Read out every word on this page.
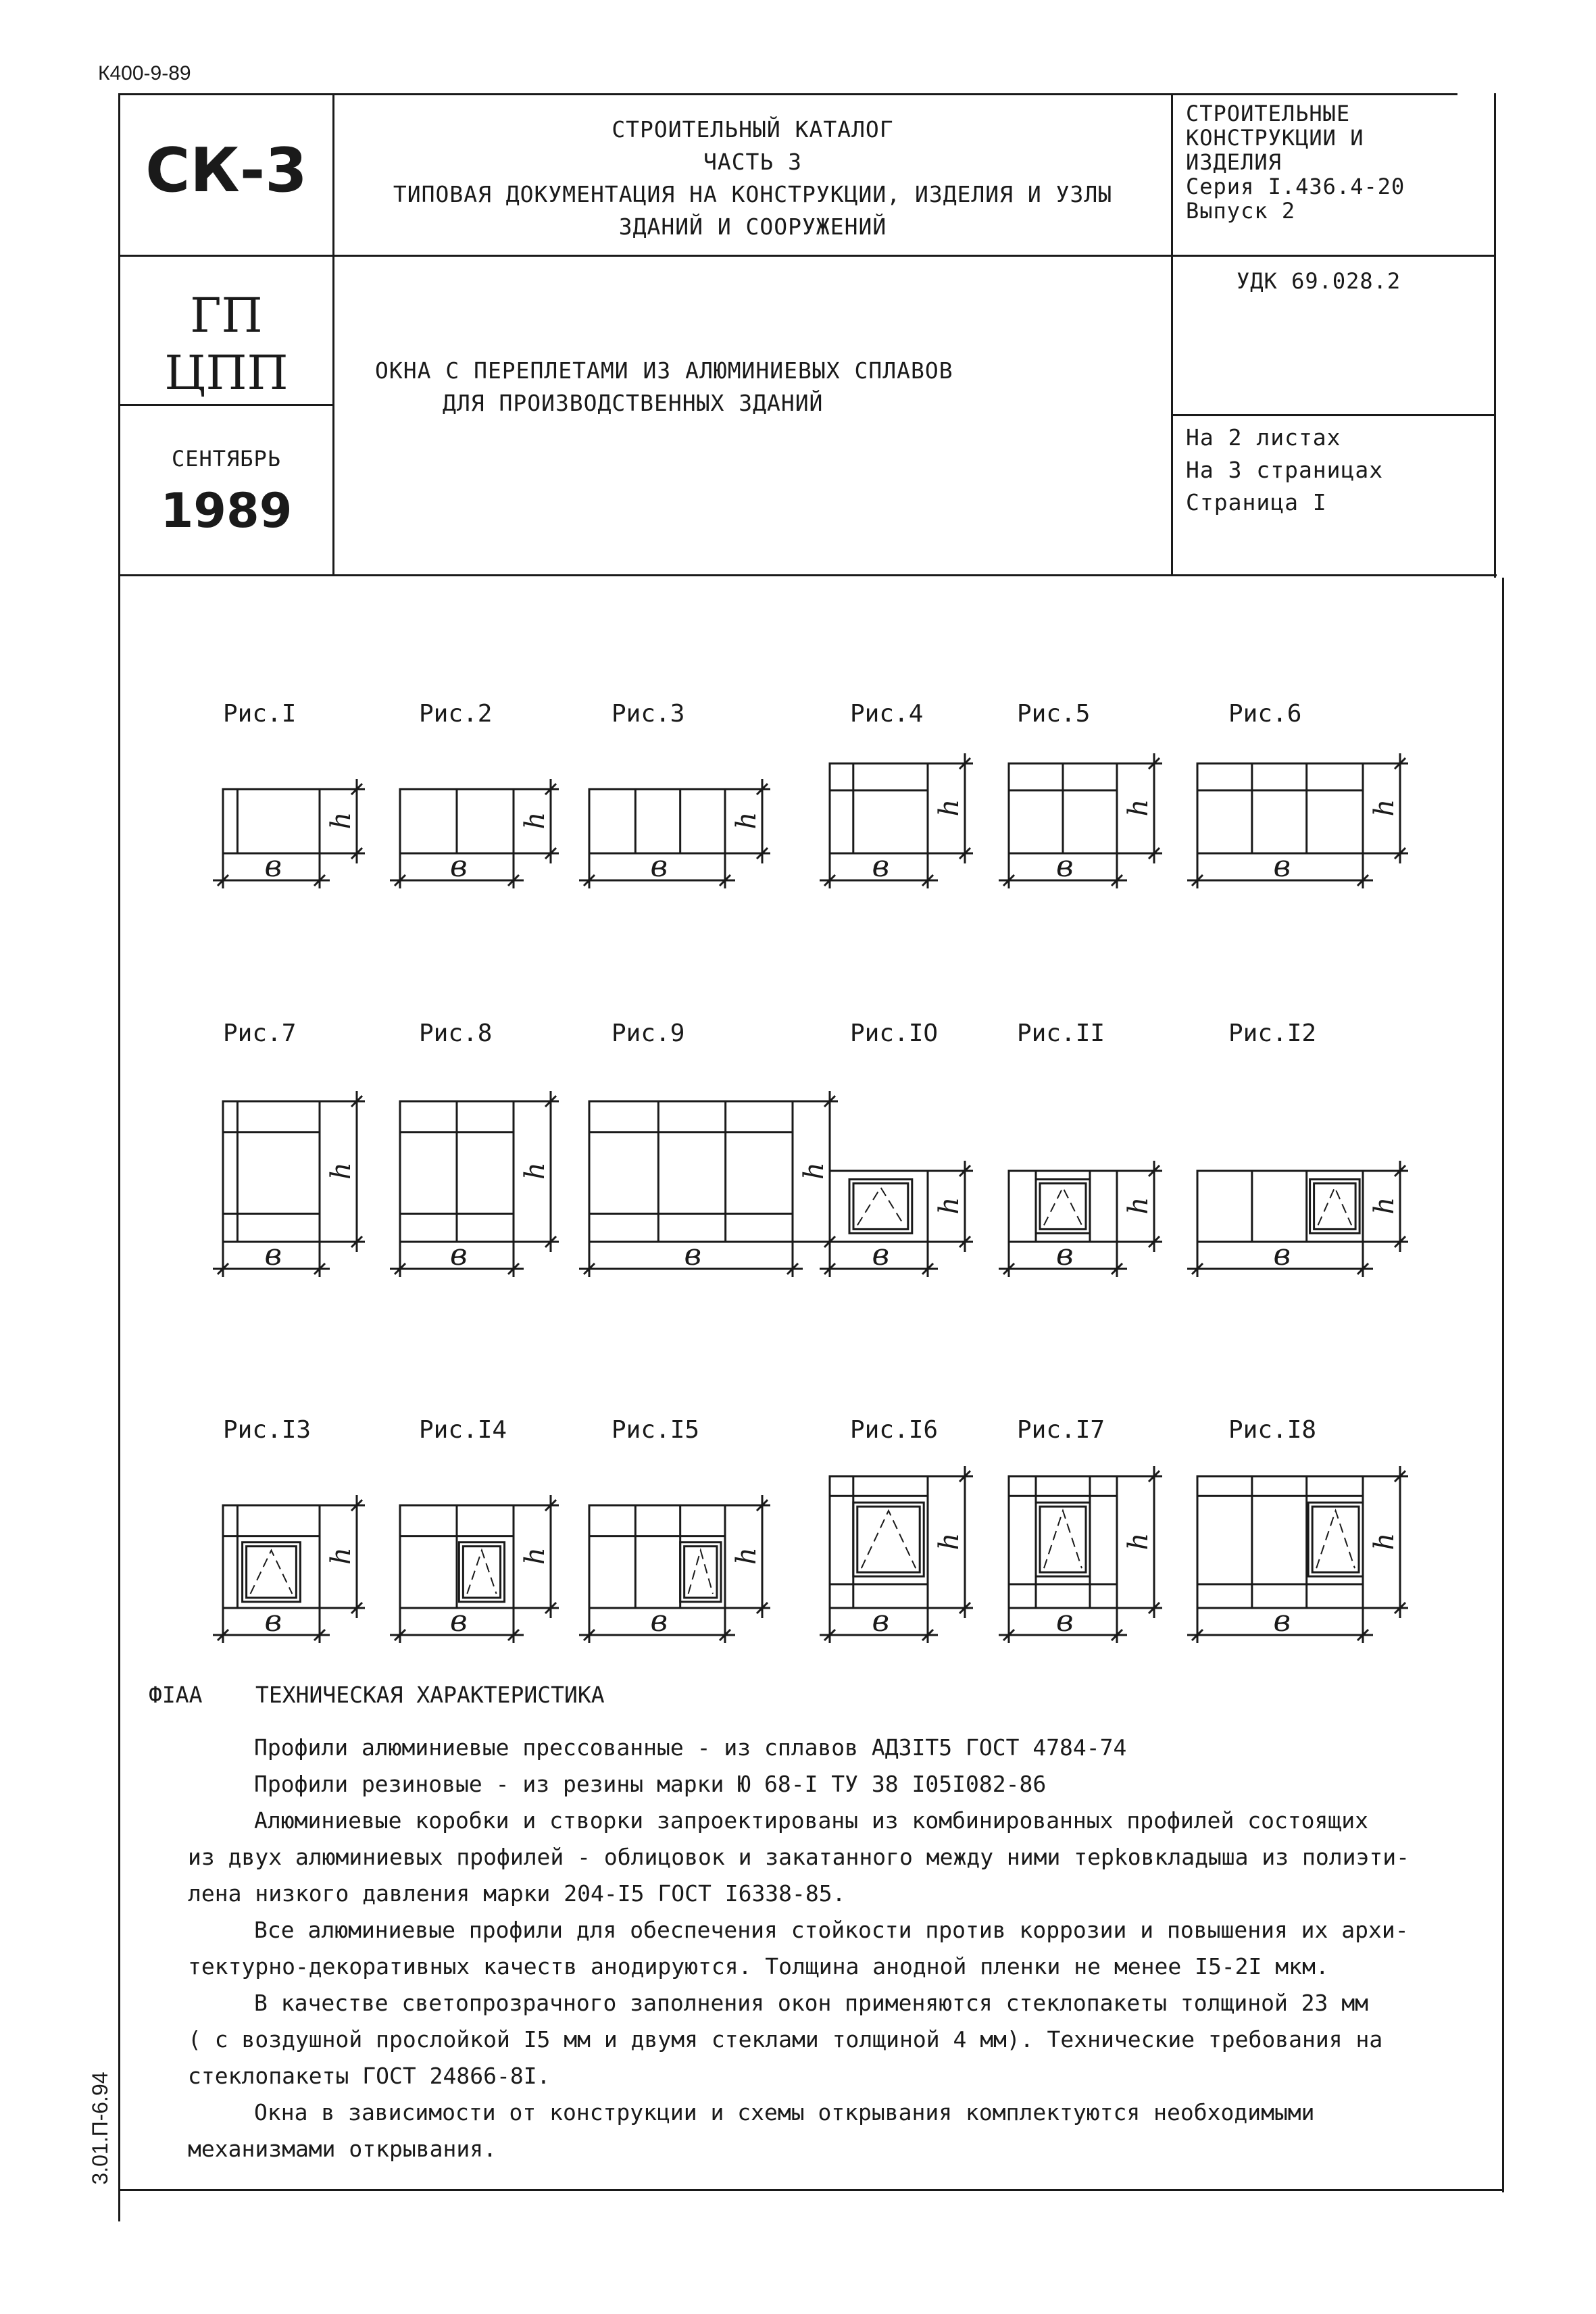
К400-9-89
СК-3
СТРОИТЕЛЬНЫЙ КАТАЛОГ
ЧАСТЬ 3
ТИПОВАЯ ДОКУМЕНТАЦИЯ НА КОНСТРУКЦИИ, ИЗДЕЛИЯ И УЗЛЫ
ЗДАНИЙ И СООРУЖЕНИЙ
СТРОИТЕЛЬНЫЕ
КОНСТРУКЦИИ И
ИЗДЕЛИЯ
Серия I.436.4-20
Выпуск 2
ГП
ЦПП	ОКНА С ПЕРЕПЛЕТАМИ ИЗ АЛЮМИНИЕВЫХ СПЛАВОВ
ДЛЯ ПРОИЗВОДСТВЕННЫХ ЗДАНИЙ
УДК 69.028.2
СЕНТЯБРЬ
1989
На 2 листах
На 3 страницах
Страница I
Рис.I
в
h
Рис.2
в
h
Рис.3
в
h
Рис.4
в
h
Рис.5
в
h
Рис.6
в
h
Рис.7
в
h
Рис.8
в
h
Рис.9
в
h
Рис.IO
в
h
Рис.II
в
h
Рис.I2
в
h
Рис.I3
в
h
Рис.I4
в
h
Рис.I5
в
h
Рис.I6
в
h
Рис.I7
в
h
Рис.I8
в
h
ФIАА ТЕХНИЧЕСКАЯ ХАРАКТЕРИСТИКА
Профили алюминиевые прессованные - из сплавов АДЗIТ5 ГОСТ 4784-74
Профили резиновые - из резины марки Ю 68-I ТУ 38 I05I082-86
Алюминиевые коробки и створки запроектированы из комбинированных профилей состоящих
из двух алюминиевых профилей - облицовок и закатанного между ними терkовкладыша из полиэти-
лена низкого давления марки 204-I5 ГОСТ I6338-85.
Все алюминиевые профили для обеспечения стойкости против коррозии и повышения их архи-
тектурно-декоративных качеств анодируются. Толщина анодной пленки не менее I5-2I мкм.
В качестве светопрозрачного заполнения окон применяются стеклопакеты толщиной 23 мм
( с воздушной прослойкой I5 мм и двумя стеклами толщиной 4 мм). Технические требования на
стеклопакеты ГОСТ 24866-8I.
Окна в зависимости от конструкции и схемы открывания комплектуются необходимыми
механизмами открывания.
3.01.П-6.94
